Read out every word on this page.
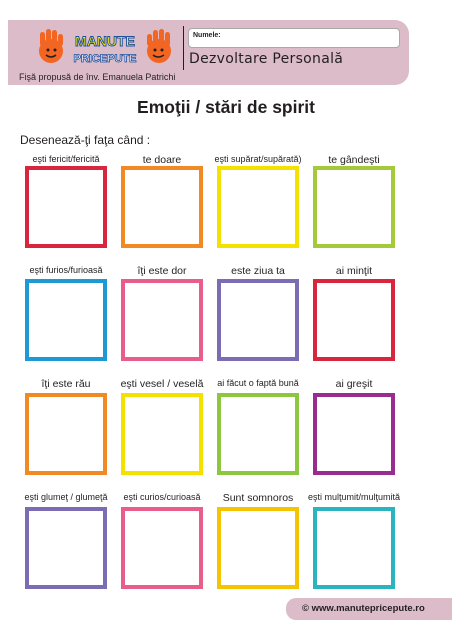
MANUTE
PRICEPUTE
Numele:
Dezvoltare Personală
Fişă propusă de înv. Emanuela Patrichi
Emoţii / stări de spirit
Desenează-ţi faţa când :
eşti fericit/fericită	te doare	eşti supărat/supărată)	te gândeşti
eşti furios/furioasă	îţi este dor	este ziua ta	ai minţit
îţi este rău	eşti vesel / veselă	ai făcut o faptă bună	ai greşit
eşti glumeţ / glumeţă	eşti curios/curioasă	Sunt somnoros	eşti mulţumit/mulţumită
© www.manutepricepute.ro
